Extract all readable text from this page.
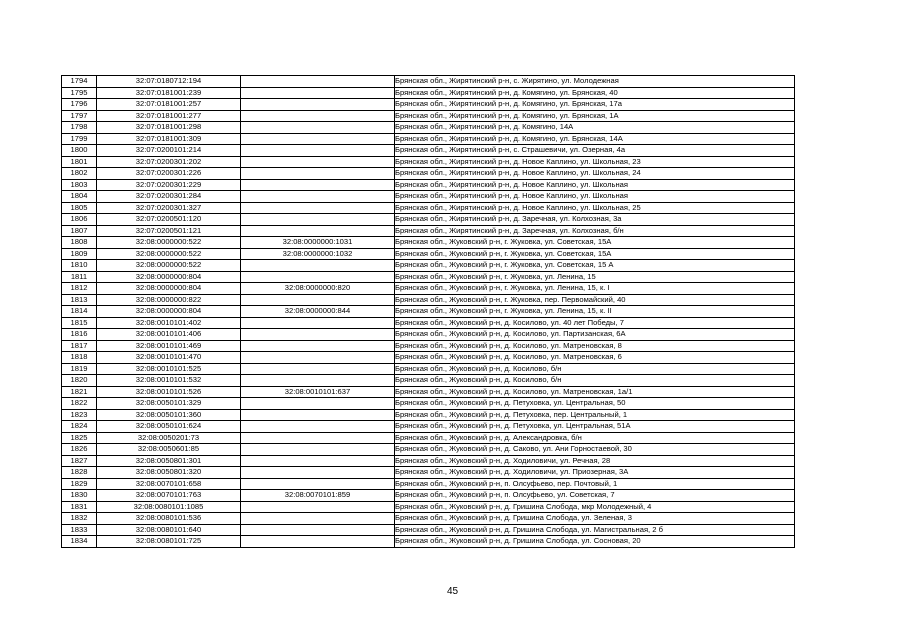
1794	32:07:0180712:194		Брянская обл., Жирятинский р-н, с. Жирятино, ул. Молодежная
1795	32:07:0181001:239		Брянская обл., Жирятинский р-н, д. Комягино, ул. Брянская, 40
1796	32:07:0181001:257		Брянская обл., Жирятинский р-н, д. Комягино, ул. Брянская, 17а
1797	32:07:0181001:277		Брянская обл., Жирятинский р-н, д. Комягино, ул. Брянская, 1А
1798	32:07:0181001:298		Брянская обл., Жирятинский р-н, д. Комягино, 14А
1799	32:07:0181001:309		Брянская обл., Жирятинский р-н, д. Комягино, ул. Брянская, 14А
1800	32:07:0200101:214		Брянская обл., Жирятинский р-н, с. Страшевичи, ул. Озерная, 4а
1801	32:07:0200301:202		Брянская обл., Жирятинский р-н, д. Новое Каплино, ул. Школьная, 23
1802	32:07:0200301:226		Брянская обл., Жирятинский р-н, д. Новое Каплино, ул. Школьная, 24
1803	32:07:0200301:229		Брянская обл., Жирятинский р-н, д. Новое Каплино, ул. Школьная
1804	32:07:0200301:284		Брянская обл., Жирятинский р-н, д. Новое Каплино, ул. Школьная
1805	32:07:0200301:327		Брянская обл., Жирятинский р-н, д. Новое Каплино, ул. Школьная, 25
1806	32:07:0200501:120		Брянская обл., Жирятинский р-н, д. Заречная, ул. Колхозная, 3а
1807	32:07:0200501:121		Брянская обл., Жирятинский р-н, д. Заречная, ул. Колхозная, б/н
1808	32:08:0000000:522	32:08:0000000:1031	Брянская обл., Жуковский р-н, г. Жуковка, ул. Советская, 15А
1809	32:08:0000000:522	32:08:0000000:1032	Брянская обл., Жуковский р-н, г. Жуковка, ул. Советская, 15А
1810	32:08:0000000:522		Брянская обл., Жуковский р-н, г. Жуковка, ул. Советская, 15 А
1811	32:08:0000000:804		Брянская обл., Жуковский р-н, г. Жуковка, ул. Ленина, 15
1812	32:08:0000000:804	32:08:0000000:820	Брянская обл., Жуковский р-н, г. Жуковка, ул. Ленина, 15, к. I
1813	32:08:0000000:822		Брянская обл., Жуковский р-н, г. Жуковка, пер. Первомайский, 40
1814	32:08:0000000:804	32:08:0000000:844	Брянская обл., Жуковский р-н, г. Жуковка, ул. Ленина, 15, к. II
1815	32:08:0010101:402		Брянская обл., Жуковский р-н, д. Косилово, ул. 40 лет Победы, 7
1816	32:08:0010101:406		Брянская обл., Жуковский р-н, д. Косилово, ул. Партизанская, 6А
1817	32:08:0010101:469		Брянская обл., Жуковский р-н, д. Косилово, ул. Матреновская, 8
1818	32:08:0010101:470		Брянская обл., Жуковский р-н, д. Косилово, ул. Матреновская, 6
1819	32:08:0010101:525		Брянская обл., Жуковский р-н, д. Косилово, б/н
1820	32:08:0010101:532		Брянская обл., Жуковский р-н, д. Косилово, б/н
1821	32:08:0010101:526	32:08:0010101:637	Брянская обл., Жуковский р-н, д. Косилово, ул. Матреновская, 1а/1
1822	32:08:0050101:329		Брянская обл., Жуковский р-н, д. Петуховка, ул. Центральная, 50
1823	32:08:0050101:360		Брянская обл., Жуковский р-н, д. Петуховка, пер. Центральный, 1
1824	32:08:0050101:624		Брянская обл., Жуковский р-н, д. Петуховка, ул. Центральная, 51А
1825	32:08:0050201:73		Брянская обл., Жуковский р-н, д. Александровка, б/н
1826	32:08:0050601:85		Брянская обл., Жуковский р-н, д. Саково, ул. Ани Горностаевой, 30
1827	32:08:0050801:301		Брянская обл., Жуковский р-н, д. Ходиловичи, ул. Речная, 28
1828	32:08:0050801:320		Брянская обл., Жуковский р-н, д. Ходиловичи, ул. Приозерная, 3А
1829	32:08:0070101:658		Брянская обл., Жуковский р-н, п. Олсуфьево, пер. Почтовый, 1
1830	32:08:0070101:763	32:08:0070101:859	Брянская обл., Жуковский р-н, п. Олсуфьево, ул. Советская, 7
1831	32:08:0080101:1085		Брянская обл., Жуковский р-н, д. Гришина Слобода, мкр Молодежный, 4
1832	32:08:0080101:536		Брянская обл., Жуковский р-н, д. Гришина Слобода, ул. Зеленая, 3
1833	32:08:0080101:640		Брянская обл., Жуковский р-н, д. Гришина Слобода, ул. Магистральная, 2 б
1834	32:08:0080101:725		Брянская обл., Жуковский р-н, д. Гришина Слобода, ул. Сосновая, 20
45
